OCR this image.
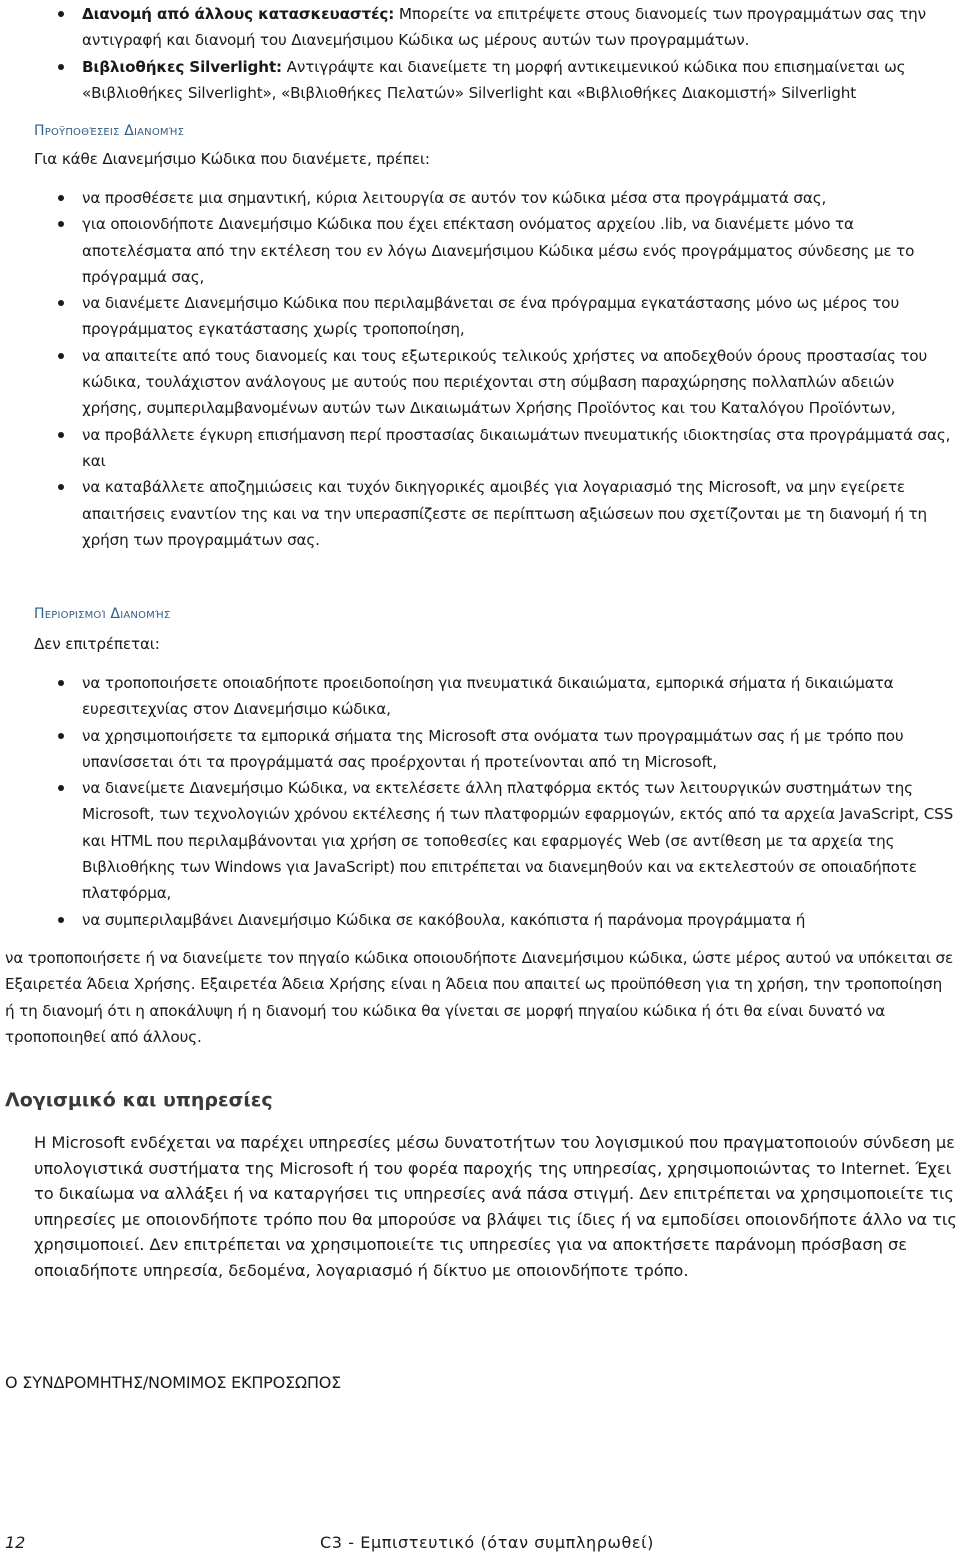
Διανομή από άλλους κατασκευαστές: Μπορείτε να επιτρέψετε στους διανομείς των προγραμμάτων σας την αντιγραφή και διανομή του Διανεμήσιμου Κώδικα ως μέρους αυτών των προγραμμάτων.
Βιβλιοθήκες Silverlight: Αντιγράψτε και διανείμετε τη μορφή αντικειμενικού κώδικα που επισημαίνεται ως «Βιβλιοθήκες Silverlight», «Βιβλιοθήκες Πελατών» Silverlight και «Βιβλιοθήκες Διακομιστή» Silverlight
Προϋποθέσεις Διανομής

Για κάθε Διανεμήσιμο Κώδικα που διανέμετε, πρέπει:

να προσθέσετε μια σημαντική, κύρια λειτουργία σε αυτόν τον κώδικα μέσα στα προγράμματά σας,
για οποιονδήποτε Διανεμήσιμο Κώδικα που έχει επέκταση ονόματος αρχείου .lib, να διανέμετε μόνο τα αποτελέσματα από την εκτέλεση του εν λόγω Διανεμήσιμου Κώδικα μέσω ενός προγράμματος σύνδεσης με το πρόγραμμά σας,
να διανέμετε Διανεμήσιμο Κώδικα που περιλαμβάνεται σε ένα πρόγραμμα εγκατάστασης μόνο ως μέρος του προγράμματος εγκατάστασης χωρίς τροποποίηση,
να απαιτείτε από τους διανομείς και τους εξωτερικούς τελικούς χρήστες να αποδεχθούν όρους προστασίας του κώδικα, τουλάχιστον ανάλογους με αυτούς που περιέχονται στη σύμβαση παραχώρησης πολλαπλών αδειών χρήσης, συμπεριλαμβανομένων αυτών των Δικαιωμάτων Χρήσης Προϊόντος και του Καταλόγου Προϊόντων,
να προβάλλετε έγκυρη επισήμανση περί προστασίας δικαιωμάτων πνευματικής ιδιοκτησίας στα προγράμματά σας, και
να καταβάλλετε αποζημιώσεις και τυχόν δικηγορικές αμοιβές για λογαριασμό της Microsoft, να μην εγείρετε απαιτήσεις εναντίον της και να την υπερασπίζεστε σε περίπτωση αξιώσεων που σχετίζονται με τη διανομή ή τη χρήση των προγραμμάτων σας.
Περιορισμοί Διανομής

Δεν επιτρέπεται:

να τροποποιήσετε οποιαδήποτε προειδοποίηση για πνευματικά δικαιώματα, εμπορικά σήματα ή δικαιώματα ευρεσιτεχνίας στον Διανεμήσιμο κώδικα,
να χρησιμοποιήσετε τα εμπορικά σήματα της Microsoft στα ονόματα των προγραμμάτων σας ή με τρόπο που υπανίσσεται ότι τα προγράμματά σας προέρχονται ή προτείνονται από τη Microsoft,
να διανείμετε Διανεμήσιμο Κώδικα, να εκτελέσετε άλλη πλατφόρμα εκτός των λειτουργικών συστημάτων της Microsoft, των τεχνολογιών χρόνου εκτέλεσης ή των πλατφορμών εφαρμογών, εκτός από τα αρχεία JavaScript, CSS και HTML που περιλαμβάνονται για χρήση σε τοποθεσίες και εφαρμογές Web (σε αντίθεση με τα αρχεία της Βιβλιοθήκης των Windows για JavaScript) που επιτρέπεται να διανεμηθούν και να εκτελεστούν σε οποιαδήποτε πλατφόρμα,
να συμπεριλαμβάνει Διανεμήσιμο Κώδικα σε κακόβουλα, κακόπιστα ή παράνομα προγράμματα ή

να τροποποιήσετε ή να διανείμετε τον πηγαίο κώδικα οποιουδήποτε Διανεμήσιμου κώδικα, ώστε μέρος αυτού να υπόκειται σε Εξαιρετέα Άδεια Χρήσης. Εξαιρετέα Άδεια Χρήσης είναι η Άδεια που απαιτεί ως προϋπόθεση για τη χρήση, την τροποποίηση ή τη διανομή ότι η αποκάλυψη ή η διανομή του κώδικα θα γίνεται σε μορφή πηγαίου κώδικα ή ότι θα είναι δυνατό να τροποποιηθεί από άλλους.

Λογισμικό και υπηρεσίες

Η Microsoft ενδέχεται να παρέχει υπηρεσίες μέσω δυνατοτήτων του λογισμικού που πραγματοποιούν σύνδεση με υπολογιστικά συστήματα της Microsoft ή του φορέα παροχής της υπηρεσίας, χρησιμοποιώντας το Internet. Έχει το δικαίωμα να αλλάξει ή να καταργήσει τις υπηρεσίες ανά πάσα στιγμή. Δεν επιτρέπεται να χρησιμοποιείτε τις υπηρεσίες με οποιονδήποτε τρόπο που θα μπορούσε να βλάψει τις ίδιες ή να εμποδίσει οποιονδήποτε άλλο να τις χρησιμοποιεί. Δεν επιτρέπεται να χρησιμοποιείτε τις υπηρεσίες για να αποκτήσετε παράνομη πρόσβαση σε οποιαδήποτε υπηρεσία, δεδομένα, λογαριασμό ή δίκτυο με οποιονδήποτε τρόπο.

Ο ΣΥΝΔΡΟΜΗΤΗΣ/ΝΟΜΙΜΟΣ ΕΚΠΡΟΣΩΠΟΣ

12	C3 - Εμπιστευτικό (όταν συμπληρωθεί)
